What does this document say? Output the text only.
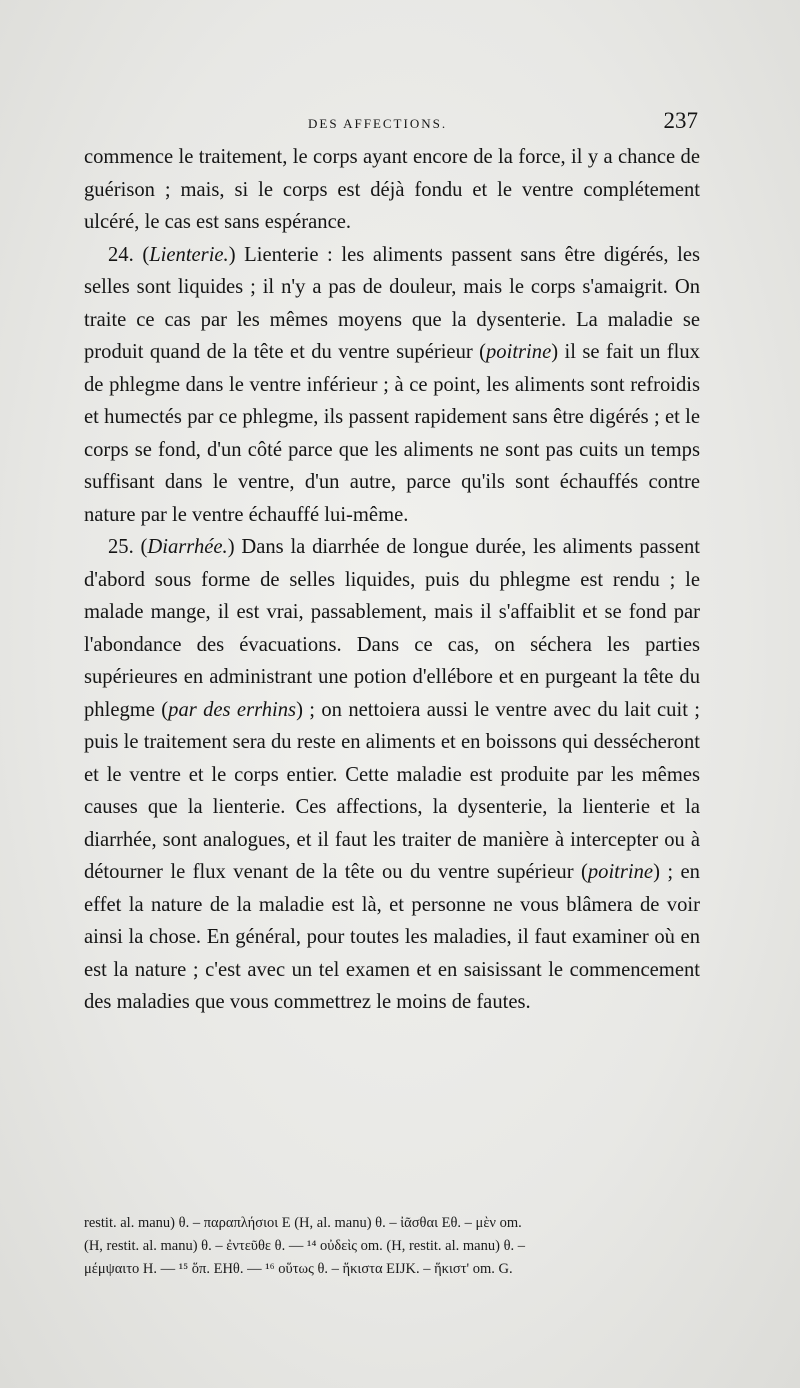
DES AFFECTIONS.	237

commence le traitement, le corps ayant encore de la force, il y a chance de guérison ; mais, si le corps est déjà fondu et le ventre complétement ulcéré, le cas est sans espérance.

24. (Lienterie.) Lienterie : les aliments passent sans être digérés, les selles sont liquides ; il n'y a pas de douleur, mais le corps s'amaigrit. On traite ce cas par les mêmes moyens que la dysenterie. La maladie se produit quand de la tête et du ventre supérieur (poitrine) il se fait un flux de phlegme dans le ventre inférieur ; à ce point, les aliments sont refroidis et humectés par ce phlegme, ils passent rapidement sans être digérés ; et le corps se fond, d'un côté parce que les aliments ne sont pas cuits un temps suffisant dans le ventre, d'un autre, parce qu'ils sont échauffés contre nature par le ventre échauffé lui-même.

25. (Diarrhée.) Dans la diarrhée de longue durée, les aliments passent d'abord sous forme de selles liquides, puis du phlegme est rendu ; le malade mange, il est vrai, passablement, mais il s'affaiblit et se fond par l'abondance des évacuations. Dans ce cas, on séchera les parties supérieures en administrant une potion d'ellébore et en purgeant la tête du phlegme (par des errhins) ; on nettoiera aussi le ventre avec du lait cuit ; puis le traitement sera du reste en aliments et en boissons qui dessécheront et le ventre et le corps entier. Cette maladie est produite par les mêmes causes que la lienterie. Ces affections, la dysenterie, la lienterie et la diarrhée, sont analogues, et il faut les traiter de manière à intercepter ou à détourner le flux venant de la tête ou du ventre supérieur (poitrine) ; en effet la nature de la maladie est là, et personne ne vous blâmera de voir ainsi la chose. En général, pour toutes les maladies, il faut examiner où en est la nature ; c'est avec un tel examen et en saisissant le commencement des maladies que vous commettrez le moins de fautes.

restit. al. manu) θ. – παραπλήσιοι E (H, al. manu) θ. – ἰᾶσθαι Eθ. – μὲν om.

(H, restit. al. manu) θ. – ἐντεῦθε θ. — ¹⁴ οὐδεὶς om. (H, restit. al. manu) θ. –

μέμψαιτο H. — ¹⁵ ὅπ. EHθ. — ¹⁶ οὕτως θ. – ἥκιστα EIJK. – ἥκιστ' om. G.
